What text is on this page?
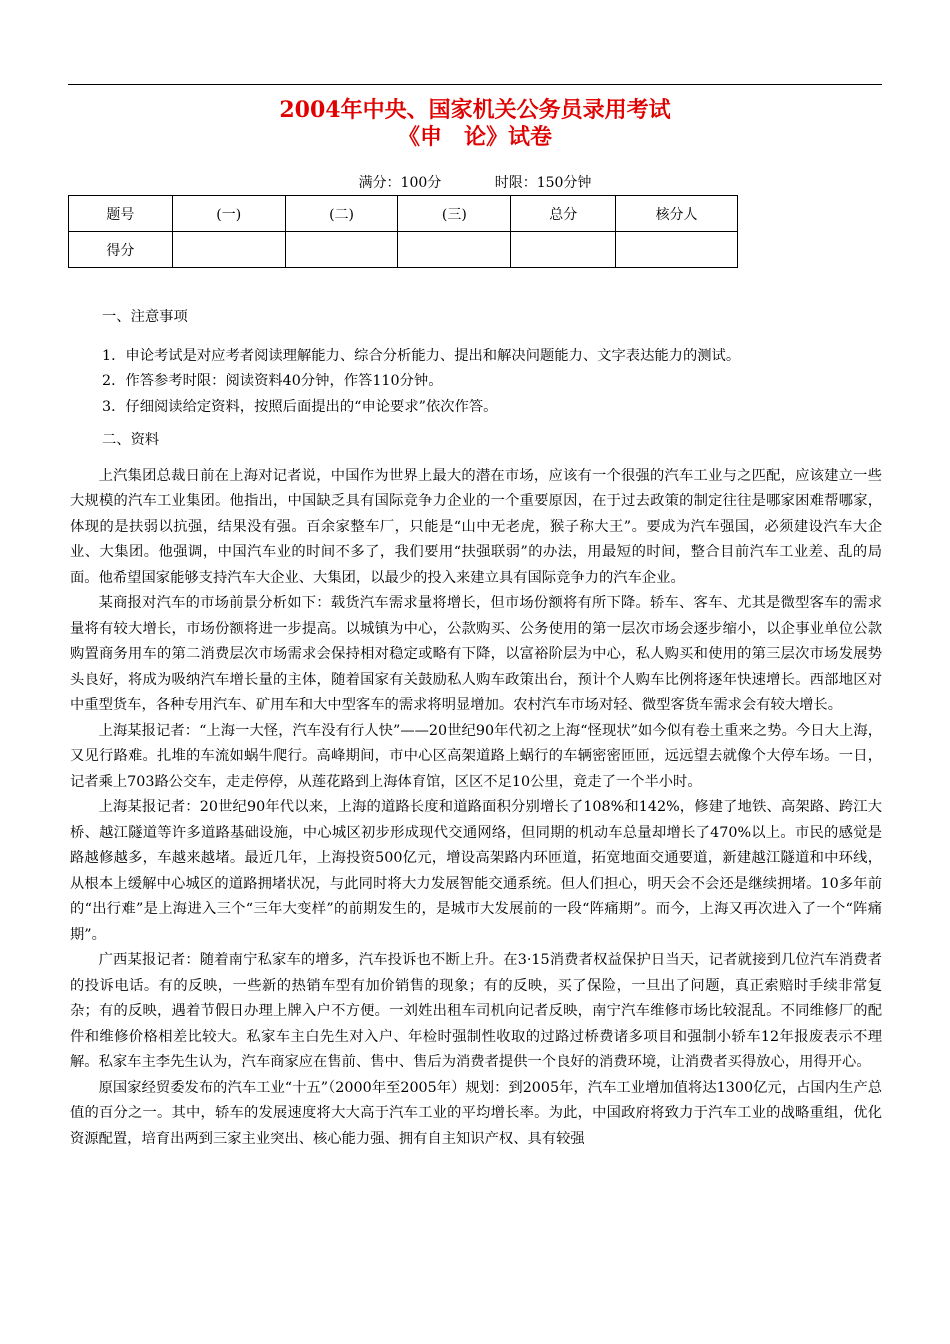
2004年中央、国家机关公务员录用考试
《申　论》试卷
满分：100分	时限：150分钟
题号	(一)	(二)	(三)	总分	核分人
得分					

一、注意事项

1．申论考试是对应考者阅读理解能力、综合分析能力、提出和解决问题能力、文字表达能力的测试。
2．作答参考时限：阅读资料40分钟，作答110分钟。
3．仔细阅读给定资料，按照后面提出的“申论要求”依次作答。

二、资料

上汽集团总裁日前在上海对记者说，中国作为世界上最大的潜在市场，应该有一个很强的汽车工业与之匹配，应该建立一些大规模的汽车工业集团。他指出，中国缺乏具有国际竞争力企业的一个重要原因，在于过去政策的制定往往是哪家困难帮哪家，体现的是扶弱以抗强，结果没有强。百余家整车厂，只能是“山中无老虎，猴子称大王”。要成为汽车强国，必须建设汽车大企业、大集团。他强调，中国汽车业的时间不多了，我们要用“扶强联弱”的办法，用最短的时间，整合目前汽车工业差、乱的局面。他希望国家能够支持汽车大企业、大集团，以最少的投入来建立具有国际竞争力的汽车企业。

某商报对汽车的市场前景分析如下：载货汽车需求量将增长，但市场份额将有所下降。轿车、客车、尤其是微型客车的需求量将有较大增长，市场份额将进一步提高。以城镇为中心，公款购买、公务使用的第一层次市场会逐步缩小，以企事业单位公款购置商务用车的第二消费层次市场需求会保持相对稳定或略有下降，以富裕阶层为中心，私人购买和使用的第三层次市场发展势头良好，将成为吸纳汽车增长量的主体，随着国家有关鼓励私人购车政策出台，预计个人购车比例将逐年快速增长。西部地区对中重型货车，各种专用汽车、矿用车和大中型客车的需求将明显增加。农村汽车市场对轻、微型客货车需求会有较大增长。

上海某报记者：“上海一大怪，汽车没有行人快”——20世纪90年代初之上海“怪现状”如今似有卷土重来之势。今日大上海，又见行路难。扎堆的车流如蜗牛爬行。高峰期间，市中心区高架道路上蜗行的车辆密密匝匝，远远望去就像个大停车场。一日，记者乘上703路公交车，走走停停，从莲花路到上海体育馆，区区不足10公里，竟走了一个半小时。

上海某报记者：20世纪90年代以来，上海的道路长度和道路面积分别增长了108%和142%，修建了地铁、高架路、跨江大桥、越江隧道等许多道路基础设施，中心城区初步形成现代交通网络，但同期的机动车总量却增长了470%以上。市民的感觉是路越修越多，车越来越堵。最近几年，上海投资500亿元，增设高架路内环匝道，拓宽地面交通要道，新建越江隧道和中环线，从根本上缓解中心城区的道路拥堵状况，与此同时将大力发展智能交通系统。但人们担心，明天会不会还是继续拥堵。10多年前的“出行难”是上海进入三个“三年大变样”的前期发生的，是城市大发展前的一段“阵痛期”。而今，上海又再次进入了一个“阵痛期”。

广西某报记者：随着南宁私家车的增多，汽车投诉也不断上升。在3·15消费者权益保护日当天，记者就接到几位汽车消费者的投诉电话。有的反映，一些新的热销车型有加价销售的现象；有的反映，买了保险，一旦出了问题，真正索赔时手续非常复杂；有的反映，遇着节假日办理上牌入户不方便。一刘姓出租车司机向记者反映，南宁汽车维修市场比较混乱。不同维修厂的配件和维修价格相差比较大。私家车主白先生对入户、年检时强制性收取的过路过桥费诸多项目和强制小轿车12年报废表示不理解。私家车主李先生认为，汽车商家应在售前、售中、售后为消费者提供一个良好的消费环境，让消费者买得放心，用得开心。

原国家经贸委发布的汽车工业“十五”（2000年至2005年）规划：到2005年，汽车工业增加值将达1300亿元，占国内生产总值的百分之一。其中，轿车的发展速度将大大高于汽车工业的平均增长率。为此，中国政府将致力于汽车工业的战略重组，优化资源配置，培育出两到三家主业突出、核心能力强、拥有自主知识产权、具有较强
